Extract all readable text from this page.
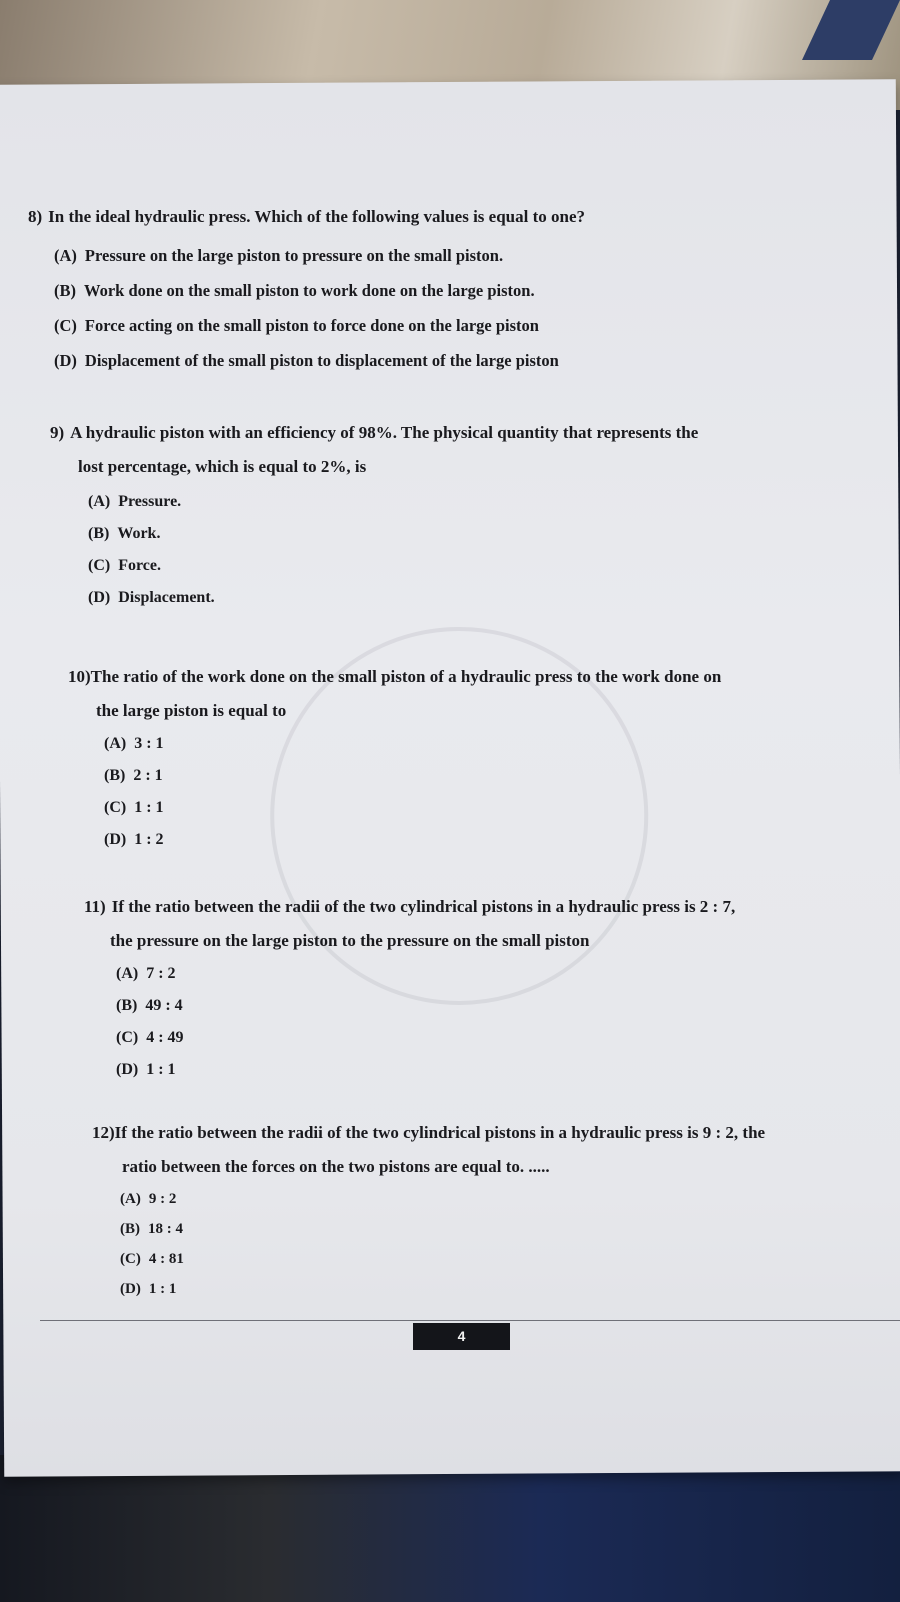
8) In the ideal hydraulic press. Which of the following values is equal to one?

(A) Pressure on the large piston to pressure on the small piston.
(B) Work done on the small piston to work done on the large piston.
(C) Force acting on the small piston to force done on the large piston
(D) Displacement of the small piston to displacement of the large piston

9) A hydraulic piston with an efficiency of 98%. The physical quantity that represents the
lost percentage, which is equal to 2%, is

(A) Pressure.
(B) Work.
(C) Force.
(D) Displacement.

10)The ratio of the work done on the small piston of a hydraulic press to the work done on
the large piston is equal to

(A) 3 : 1
(B) 2 : 1
(C) 1 : 1
(D) 1 : 2

11) If the ratio between the radii of the two cylindrical pistons in a hydraulic press is 2 : 7,
the pressure on the large piston to the pressure on the small piston

(A) 7 : 2
(B) 49 : 4
(C) 4 : 49
(D) 1 : 1

12)If the ratio between the radii of the two cylindrical pistons in a hydraulic press is 9 : 2, the
ratio between the forces on the two pistons are equal to. .....

(A) 9 : 2
(B) 18 : 4
(C) 4 : 81
(D) 1 : 1
4
